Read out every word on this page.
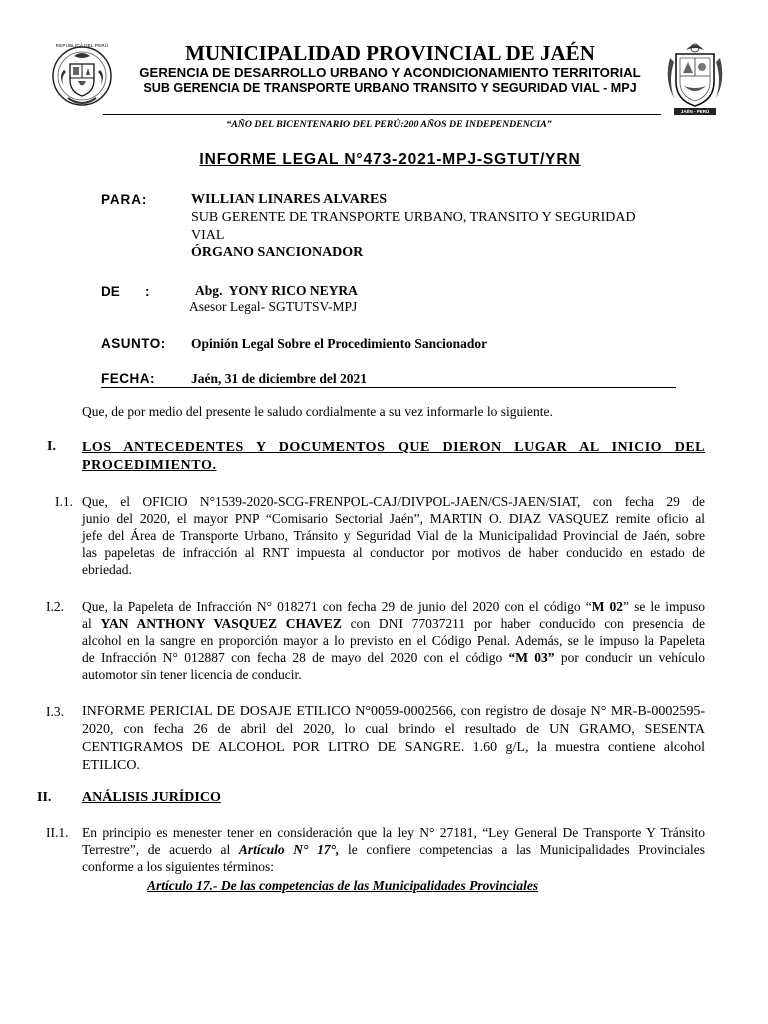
REPÚBLICA DEL PERÚ
JAÉN - PERÚ
MUNICIPALIDAD PROVINCIAL DE JAÉN
GERENCIA DE DESARROLLO URBANO Y ACONDICIONAMIENTO TERRITORIAL
SUB GERENCIA DE TRANSPORTE URBANO TRANSITO Y SEGURIDAD VIAL - MPJ
“AÑO DEL BICENTENARIO DEL PERÚ:200 AÑOS DE INDEPENDENCIA”
INFORME LEGAL N°473-2021-MPJ-SGTUT/YRN
PARA:	WILLIAN LINARES ALVARES
SUB GERENTE DE TRANSPORTE URBANO, TRANSITO Y SEGURIDAD
VIAL
ÓRGANO SANCIONADOR
DE :	Abg.  YONY RICO NEYRA
Asesor Legal- SGTUTSV-MPJ
ASUNTO: Opinión Legal Sobre el Procedimiento Sancionador
FECHA:	Jaén, 31 de diciembre del 2021
Que, de por medio del presente le saludo cordialmente a su vez informarle lo siguiente.
I. LOS ANTECEDENTES Y DOCUMENTOS QUE DIERON LUGAR AL INICIO DEL
PROCEDIMIENTO.
I.1. Que, el OFICIO N°1539-2020-SCG-FRENPOL-CAJ/DIVPOL-JAEN/CS-JAEN/SIAT, con fecha 29 de
junio del 2020, el mayor PNP “Comisario Sectorial Jaén”, MARTIN O. DIAZ VASQUEZ remite oficio al
jefe del Área de Transporte Urbano, Tránsito y Seguridad Vial de la Municipalidad Provincial de Jaén, sobre
las papeletas de infracción al RNT impuesta al conductor por motivos de haber conducido en estado de
ebriedad.
I.2. Que, la Papeleta de Infracción N° 018271 con fecha 29 de junio del 2020 con el código “M 02” se le impuso
al YAN ANTHONY VASQUEZ CHAVEZ con DNI 77037211 por haber conducido con presencia de
alcohol en la sangre en proporción mayor a lo previsto en el Código Penal. Además, se le impuso la Papeleta
de Infracción N° 012887 con fecha 28 de mayo del 2020 con el código “M 03” por conducir un vehículo
automotor sin tener licencia de conducir.
I.3. INFORME PERICIAL DE DOSAJE ETILICO N°0059-0002566, con registro de dosaje N° MR-B-0002595-
2020, con fecha 26 de abril del 2020, lo cual brindo el resultado de UN GRAMO, SESENTA
CENTIGRAMOS DE ALCOHOL POR LITRO DE SANGRE. 1.60 g/L, la muestra contiene alcohol
ETILICO.
II. ANÁLISIS JURÍDICO
II.1. En principio es menester tener en consideración que la ley N° 27181, “Ley General De Transporte Y Tránsito
Terrestre”, de acuerdo al Artículo N° 17°, le confiere competencias a las Municipalidades Provinciales
conforme a los siguientes términos:
Artículo 17.- De las competencias de las Municipalidades Provinciales
